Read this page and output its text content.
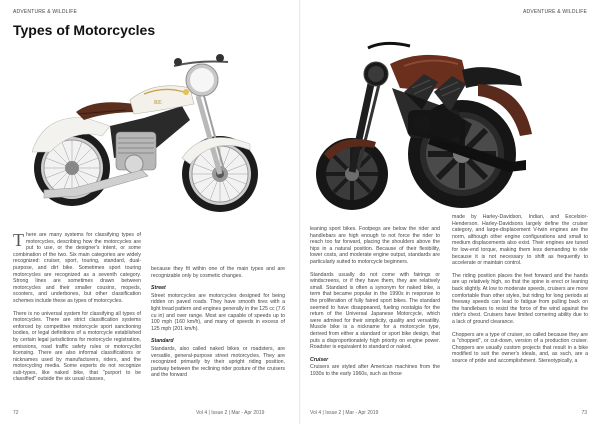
ADVENTURE & WILDLIFE
Types of Motorcycles
RE

There are many systems for classifying types of motorcycles, describing how the motorcycles are put to use, or the designer's intent, or some combination of the two. Six main categories are widely recognized: cruiser, sport, touring, standard, dual-purpose, and dirt bike. Sometimes sport touring motorcycles are recognized as a seventh category. Strong lines are sometimes drawn between motorcycles and their smaller cousins, mopeds, scooters, and underbones, but other classification schemes include these as types of motorcycles.

There is no universal system for classifying all types of motorcycles. There are strict classification systems enforced by competitive motorcycle sport sanctioning bodies, or legal definitions of a motorcycle established by certain legal jurisdictions for motorcycle registration, emissions, road traffic safety rules or motorcyclist licensing. There are also informal classifications or nicknames used by manufacturers, riders, and the motorcycling media. Some experts do not recognize sub-types, like naked bike, that "purport to be classified" outside the six usual classes,

because they fit within one of the main types and are recognizable only by cosmetic changes.

Street

Street motorcycles are motorcycles designed for being ridden on paved roads. They have smooth tires with a light tread pattern and engines generally in the 125 cc (7.6 cu in) and over range. Most are capable of speeds up to 100 mph (160 km/h), and many of speeds in excess of 125 mph (201 km/h).

Standard

Standards, also called naked bikes or roadsters, are versatile, general-purpose street motorcycles. They are recognized primarily by their upright riding position, partway between the reclining rider posture of the cruisers and the forward

72	Vol 4 | Issue 2 | Mar - Apr 2019
ADVENTURE & WILDLIFE

leaning sport bikes. Footpegs are below the rider and handlebars are high enough to not force the rider to reach too far forward, placing the shoulders above the hips in a natural position. Because of their flexibility, lower costs, and moderate engine output, standards are particularly suited to motorcycle beginners.

Standards usually do not come with fairings or windscreens, or if they have them, they are relatively small. Standard is often a synonym for naked bike, a term that became popular in the 1990s in response to the proliferation of fully faired sport bikes. The standard seemed to have disappeared, fueling nostalgia for the return of the Universal Japanese Motorcycle, which were admired for their simplicity, quality and versatility. Muscle bike is a nickname for a motorcycle type, derived from either a standard or sport bike design, that puts a disproportionately high priority on engine power. Roadster is equivalent to standard or naked.

Cruiser

Cruisers are styled after American machines from the 1930s to the early 1960s, such as those

made by Harley-Davidson, Indian, and Excelsior-Henderson. Harley-Davidsons largely define the cruiser category, and large-displacement V-twin engines are the norm, although other engine configurations and small to medium displacements also exist. Their engines are tuned for low-end torque, making them less demanding to ride because it is not necessary to shift as frequently to accelerate or maintain control.

The riding position places the feet forward and the hands are up relatively high, so that the spine is erect or leaning back slightly. At low to moderate speeds, cruisers are more comfortable than other styles, but riding for long periods at freeway speeds can lead to fatigue from pulling back on the handlebars to resist the force of the wind against the rider's chest. Cruisers have limited cornering ability due to a lack of ground clearance.

Choppers are a type of cruiser, so called because they are a "chopped", or cut-down, version of a production cruiser. Choppers are usually custom projects that result in a bike modified to suit the owner's ideals, and, as such, are a source of pride and accomplishment. Stereotypically, a

Vol 4 | Issue 2 | Mar - Apr 2019	73
